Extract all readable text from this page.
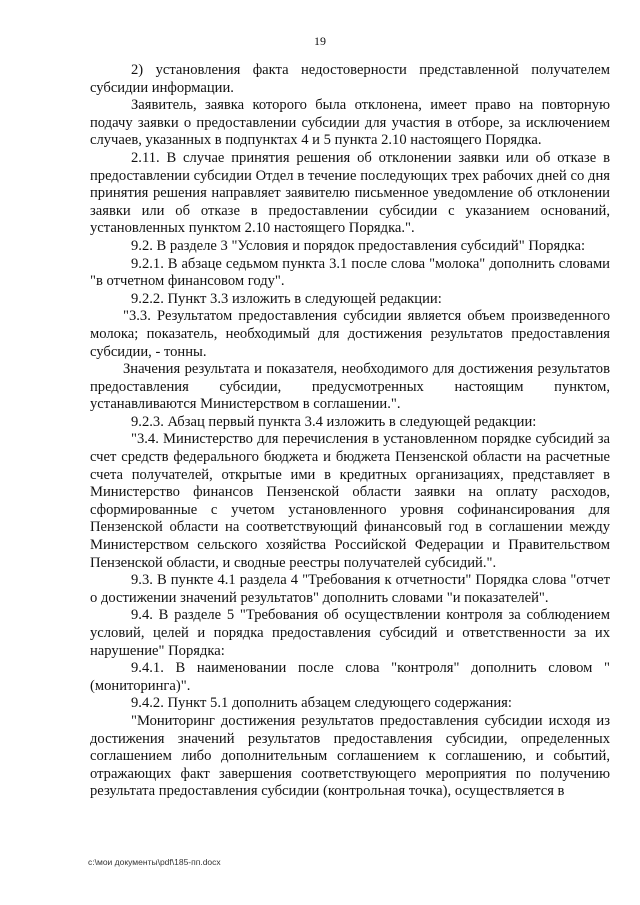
19

2) установления факта недостоверности представленной получателем субсидии информации.

Заявитель, заявка которого была отклонена, имеет право на повторную подачу заявки о предоставлении субсидии для участия в отборе, за исключением случаев, указанных в подпунктах 4 и 5 пункта 2.10 настоящего Порядка.

2.11. В случае принятия решения об отклонении заявки или об отказе в предоставлении субсидии Отдел в течение последующих трех рабочих дней со дня принятия решения направляет заявителю письменное уведомление об отклонении заявки или об отказе в предоставлении субсидии с указанием оснований, установленных пунктом 2.10 настоящего Порядка.".

9.2. В разделе 3 "Условия и порядок предоставления субсидий" Порядка:

9.2.1. В абзаце седьмом пункта 3.1 после слова "молока" дополнить словами "в отчетном финансовом году".

9.2.2. Пункт 3.3 изложить в следующей редакции:

"3.3. Результатом предоставления субсидии является объем произведенного молока; показатель, необходимый для достижения результатов предоставления субсидии, - тонны.

Значения результата и показателя, необходимого для достижения результатов предоставления субсидии, предусмотренных настоящим пунктом, устанавливаются Министерством в соглашении.".

9.2.3. Абзац первый пункта 3.4 изложить в следующей редакции:

"3.4. Министерство для перечисления в установленном порядке субсидий за счет средств федерального бюджета и бюджета Пензенской области на расчетные счета получателей, открытые ими в кредитных организациях, представляет в Министерство финансов Пензенской области заявки на оплату расходов, сформированные с учетом установленного уровня софинансирования для Пензенской области на соответствующий финансовый год в соглашении между Министерством сельского хозяйства Российской Федерации и Правительством Пензенской области, и сводные реестры получателей субсидий.".

9.3. В пункте 4.1 раздела 4 "Требования к отчетности" Порядка слова "отчет о достижении значений результатов" дополнить словами "и показателей".

9.4. В разделе 5 "Требования об осуществлении контроля за соблюдением условий, целей и порядка предоставления субсидий и ответственности за их нарушение" Порядка:

9.4.1. В наименовании после слова "контроля" дополнить словом "(мониторинга)".

9.4.2. Пункт 5.1 дополнить абзацем следующего содержания:

"Мониторинг достижения результатов предоставления субсидии исходя из достижения значений результатов предоставления субсидии, определенных соглашением либо дополнительным соглашением к соглашению, и событий, отражающих факт завершения соответствующего мероприятия по получению результата предоставления субсидии (контрольная точка), осуществляется в

c:\мои документы\pdf\185-пп.docx
